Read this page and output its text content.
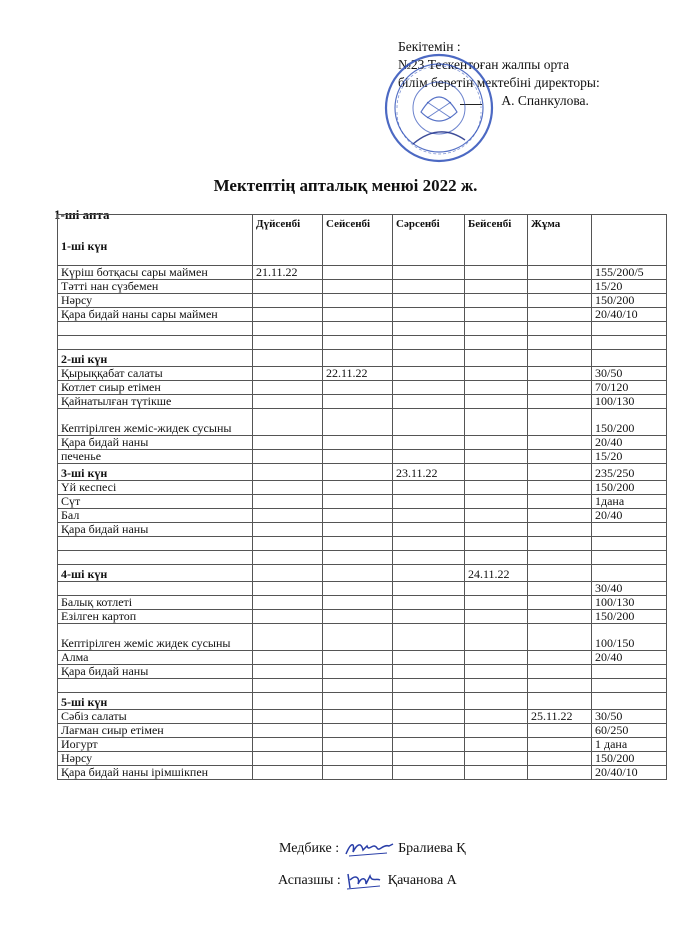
Бекітемін :
№23 Тескентоған жалпы орта
білім беретін мектебіні директоры:
А. Спанкулова.
Мектептің апталық менюі 2022 ж.
1-ші апта
1-ші күн	Дүйсенбі	Сейсенбі	Сәрсенбі	Бейсенбі	Жұма	
Күріш ботқасы сары маймен	21.11.22					155/200/5
Тәтті нан сүзбемен						15/20
Нәрсу						150/200
Қара бидай наны сары маймен						20/40/10

2-ші күн						
Қырыққабат салаты		22.11.22				30/50
Котлет сиыр етімен						70/120
Қайнатылған түтікше						100/130
Кептірілген жеміс-жидек сусыны						150/200
Қара бидай наны						20/40
печенье						15/20
3-ші күн			23.11.22			235/250
Үй кеспесі						150/200
Сүт						1дана
Бал						20/40
Қара бидай наны						

4-ші күн				24.11.22		
						30/40
Балық котлеті						100/130
Езілген картоп						150/200
Кептірілген жеміс жидек сусыны						100/150
Алма						20/40
Қара бидай наны						

5-ші күн						
Сәбіз салаты					25.11.22	30/50
Лағман сиыр етімен						60/250
Иогурт						1 дана
Нәрсу						150/200
Қара бидай наны ірімшікпен						20/40/10
Медбике :	Бралиева Қ
Аспазшы :	Қачанова А
